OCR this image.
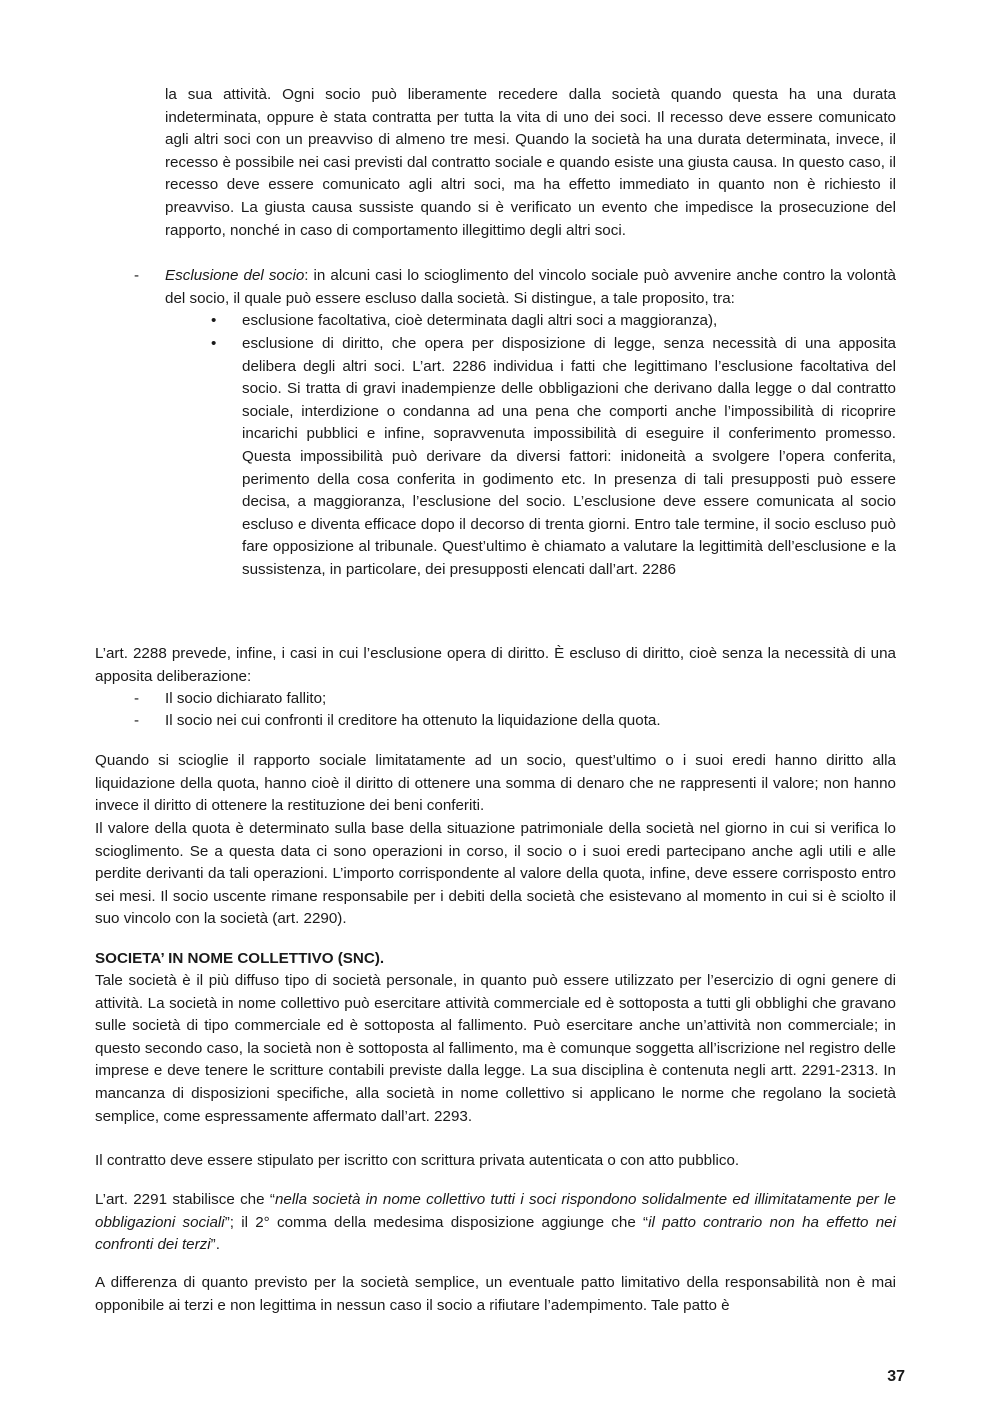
la sua attività. Ogni socio può liberamente recedere dalla società quando questa ha una durata indeterminata, oppure è stata contratta per tutta la vita di uno dei soci. Il recesso deve essere comunicato agli altri soci con un preavviso di almeno tre mesi. Quando la società ha una durata determinata, invece, il recesso è possibile nei casi previsti dal contratto sociale e quando esiste una giusta causa. In questo caso, il recesso deve essere comunicato agli altri soci, ma ha effetto immediato in quanto non è richiesto il preavviso. La giusta causa sussiste quando si è verificato un evento che impedisce la prosecuzione del rapporto, nonché in caso di comportamento illegittimo degli altri soci.

- Esclusione del socio: in alcuni casi lo scioglimento del vincolo sociale può avvenire anche contro la volontà del socio, il quale può essere escluso dalla società. Si distingue, a tale proposito, tra:

• esclusione facoltativa, cioè determinata dagli altri soci a maggioranza),

• esclusione di diritto, che opera per disposizione di legge, senza necessità di una apposita delibera degli altri soci. L’art. 2286 individua i fatti che legittimano l’esclusione facoltativa del socio. Si tratta di gravi inadempienze delle obbligazioni che derivano dalla legge o dal contratto sociale, interdizione o condanna ad una pena che comporti anche l’impossibilità di ricoprire incarichi pubblici e infine, sopravvenuta impossibilità di eseguire il conferimento promesso. Questa impossibilità può derivare da diversi fattori: inidoneità a svolgere l’opera conferita, perimento della cosa conferita in godimento etc. In presenza di tali presupposti può essere decisa, a maggioranza, l’esclusione del socio. L’esclusione deve essere comunicata al socio escluso e diventa efficace dopo il decorso di trenta giorni. Entro tale termine, il socio escluso può fare opposizione al tribunale. Quest’ultimo è chiamato a valutare la legittimità dell’esclusione e la sussistenza, in particolare, dei presupposti elencati dall’art. 2286

L’art. 2288 prevede, infine, i casi in cui l’esclusione opera di diritto. È escluso di diritto, cioè senza la necessità di una apposita deliberazione:

- Il socio dichiarato fallito;

- Il socio nei cui confronti il creditore ha ottenuto la liquidazione della quota.

Quando si scioglie il rapporto sociale limitatamente ad un socio, quest’ultimo o i suoi eredi hanno diritto alla liquidazione della quota, hanno cioè il diritto di ottenere una somma di denaro che ne rappresenti il valore; non hanno invece il diritto di ottenere la restituzione dei beni conferiti.

Il valore della quota è determinato sulla base della situazione patrimoniale della società nel giorno in cui si verifica lo scioglimento. Se a questa data ci sono operazioni in corso, il socio o i suoi eredi partecipano anche agli utili e alle perdite derivanti da tali operazioni. L’importo corrispondente al valore della quota, infine, deve essere corrisposto entro sei mesi. Il socio uscente rimane responsabile per i debiti della società che esistevano al momento in cui si è sciolto il suo vincolo con la società (art. 2290).

SOCIETA’ IN NOME COLLETTIVO (SNC).

Tale società è il più diffuso tipo di società personale, in quanto può essere utilizzato per l’esercizio di ogni genere di attività. La società in nome collettivo può esercitare attività commerciale ed è sottoposta a tutti gli obblighi che gravano sulle società di tipo commerciale ed è sottoposta al fallimento. Può esercitare anche un’attività non commerciale; in questo secondo caso, la società non è sottoposta al fallimento, ma è comunque soggetta all’iscrizione nel registro delle imprese e deve tenere le scritture contabili previste dalla legge. La sua disciplina è contenuta negli artt. 2291-2313. In mancanza di disposizioni specifiche, alla società in nome collettivo si applicano le norme che regolano la società semplice, come espressamente affermato dall’art. 2293.

Il contratto deve essere stipulato per iscritto con scrittura privata autenticata o con atto pubblico.

L’art. 2291 stabilisce che “nella società in nome collettivo tutti i soci rispondono solidalmente ed illimitatamente per le obbligazioni sociali”; il 2° comma della medesima disposizione aggiunge che “il patto contrario non ha effetto nei confronti dei terzi”.

A differenza di quanto previsto per la società semplice, un eventuale patto limitativo della responsabilità non è mai opponibile ai terzi e non legittima in nessun caso il socio a rifiutare l’adempimento. Tale patto è

37
